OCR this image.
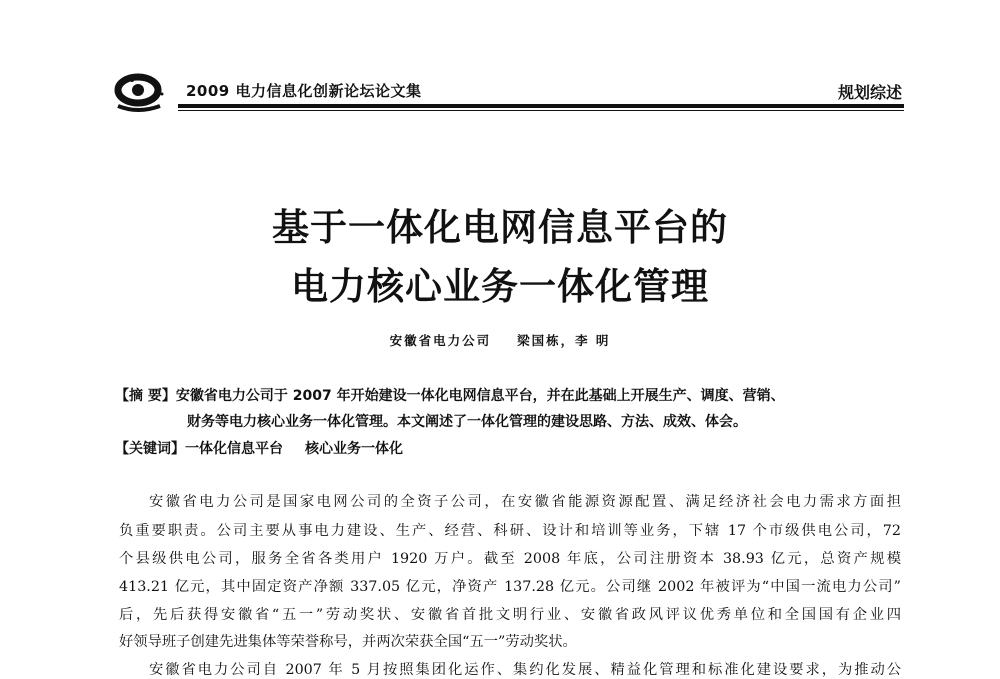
2009 电力信息化创新论坛论文集	规划综述
基于一体化电网信息平台的
电力核心业务一体化管理
安徽省电力公司 梁国栋，李 明
【摘 要】安徽省电力公司于 2007 年开始建设一体化电网信息平台，并在此基础上开展生产、调度、营销、
财务等电力核心业务一体化管理。本文阐述了一体化管理的建设思路、方法、成效、体会。
【关键词】一体化信息平台 核心业务一体化
安徽省电力公司是国家电网公司的全资子公司，在安徽省能源资源配置、满足经济社会电力需求方面担
负重要职责。公司主要从事电力建设、生产、经营、科研、设计和培训等业务，下辖 17 个市级供电公司，72
个县级供电公司，服务全省各类用户 1920 万户。截至 2008 年底，公司注册资本 38.93 亿元，总资产规模
413.21 亿元，其中固定资产净额 337.05 亿元，净资产 137.28 亿元。公司继 2002 年被评为“中国一流电力公司”
后，先后获得安徽省“五一”劳动奖状、安徽省首批文明行业、安徽省政风评议优秀单位和全国国有企业四
好领导班子创建先进集体等荣誉称号，并两次荣获全国“五一”劳动奖状。
安徽省电力公司自 2007 年 5 月按照集团化运作、集约化发展、精益化管理和标准化建设要求，为推动公
